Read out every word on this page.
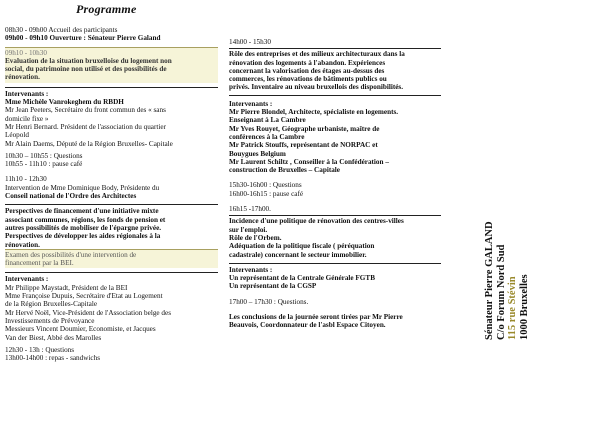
Programme
08h30 - 09h00 Accueil des participants
09h00 - 09h10 Ouverture : Sénateur Pierre Galand
09h10 - 10h30
Evaluation de la situation bruxelloise du logement non
social, du patrimoine non utilisé et des possibilités de
rénovation.
Intervenants :
Mme Michèle Vanrokeghem du RBDH
Mr Jean Peeters, Secrétaire du front commun des « sans
domicile fixe »
Mr Henri Bernard. Président de l'association du quartier
Léopold
Mr Alain Daems, Député de la Région Bruxelles- Capitale
10h30 – 10h55 : Questions
10h55 - 11h10 : pause café
11h10 - 12h30
Intervention de Mme Dominique Body, Présidente du
Conseil national de l'Ordre des Architectes
Perspectives de financement d'une initiative mixte
associant communes, régions, les fonds de pension et
autres possibilités de mobiliser de l'épargne privée.
Perspectives de développer les aides régionales à la
rénovation.
Examen des possibilités d'une intervention de
financement par la BEI.
Intervenants :
Mr Philippe Maystadt, Président de la BEI
Mme Françoise Dupuis, Secrétaire d'Etat au Logement
de la Région Bruxelles-Capitale
Mr Hervé Noël, Vice-Président de l'Association belge des
Investissements de Prévoyance
Messieurs Vincent Doumier, Economiste, et Jacques
Van der Biest, Abbé des Marolles
12h30 - 13h : Questions
13h00-14h00 : repas - sandwichs
14h00 - 15h30
Rôle des entreprises et des milieux architecturaux dans la
rénovation des logements à l'abandon. Expériences
concernant la valorisation des étages au-dessus des
commerces, les rénovations de bâtiments publics ou
privés. Inventaire au niveau bruxellois des disponibilités.
Intervenants :
Mr Pierre Blondel, Architecte, spécialiste en logements.
Enseignant à La Cambre
Mr Yves Rouyet, Géographe urbaniste, maître de
conférences à la Cambre
Mr Patrick Stouffs, représentant de NORPAC et
Bouygues Belgium
Mr Laurent Schiltz , Conseiller à la Confédération –
construction de Bruxelles – Capitale
15h30-16h00 : Questions
16h00-16h15 : pause café
16h15 -17h00.
Incidence d'une politique de rénovation des centres-villes
sur l'emploi.
Rôle de l'Orbem.
Adéquation de la politique fiscale ( péréquation
cadastrale) concernant le secteur immobilier.
Intervenants :
Un représentant de la Centrale Générale FGTB
Un représentant de la CGSP
17h00 – 17h30 : Questions.
Les conclusions de la journée seront tirées par Mr Pierre
Beauvois, Coordonnateur de l'asbl Espace Citoyen.	Sénateur Pierre GALAND C/o Forum Nord Sud 115 rue Stévin 1000 Bruxelles
